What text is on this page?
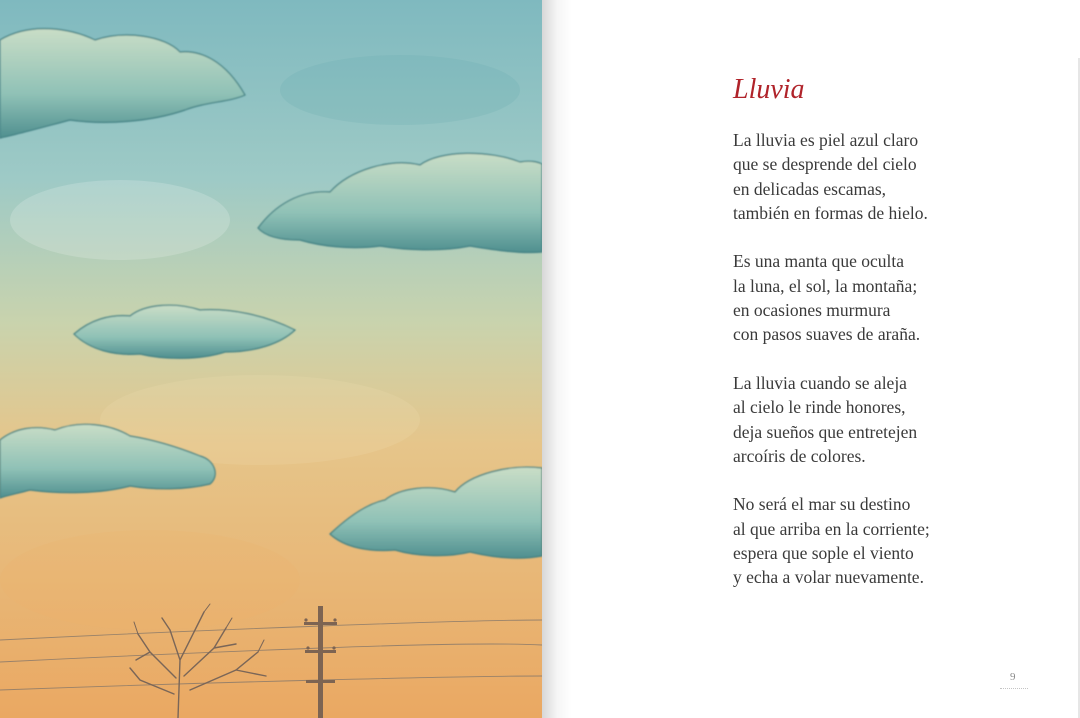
Lluvia

La lluvia es piel azul claro
que se desprende del cielo
en delicadas escamas,
también en formas de hielo.

Es una manta que oculta
la luna, el sol, la montaña;
en ocasiones murmura
con pasos suaves de araña.

La lluvia cuando se aleja
al cielo le rinde honores,
deja sueños que entretejen
arcoíris de colores.

No será el mar su destino
al que arriba en la corriente;
espera que sople el viento
y echa a volar nuevamente.

9
